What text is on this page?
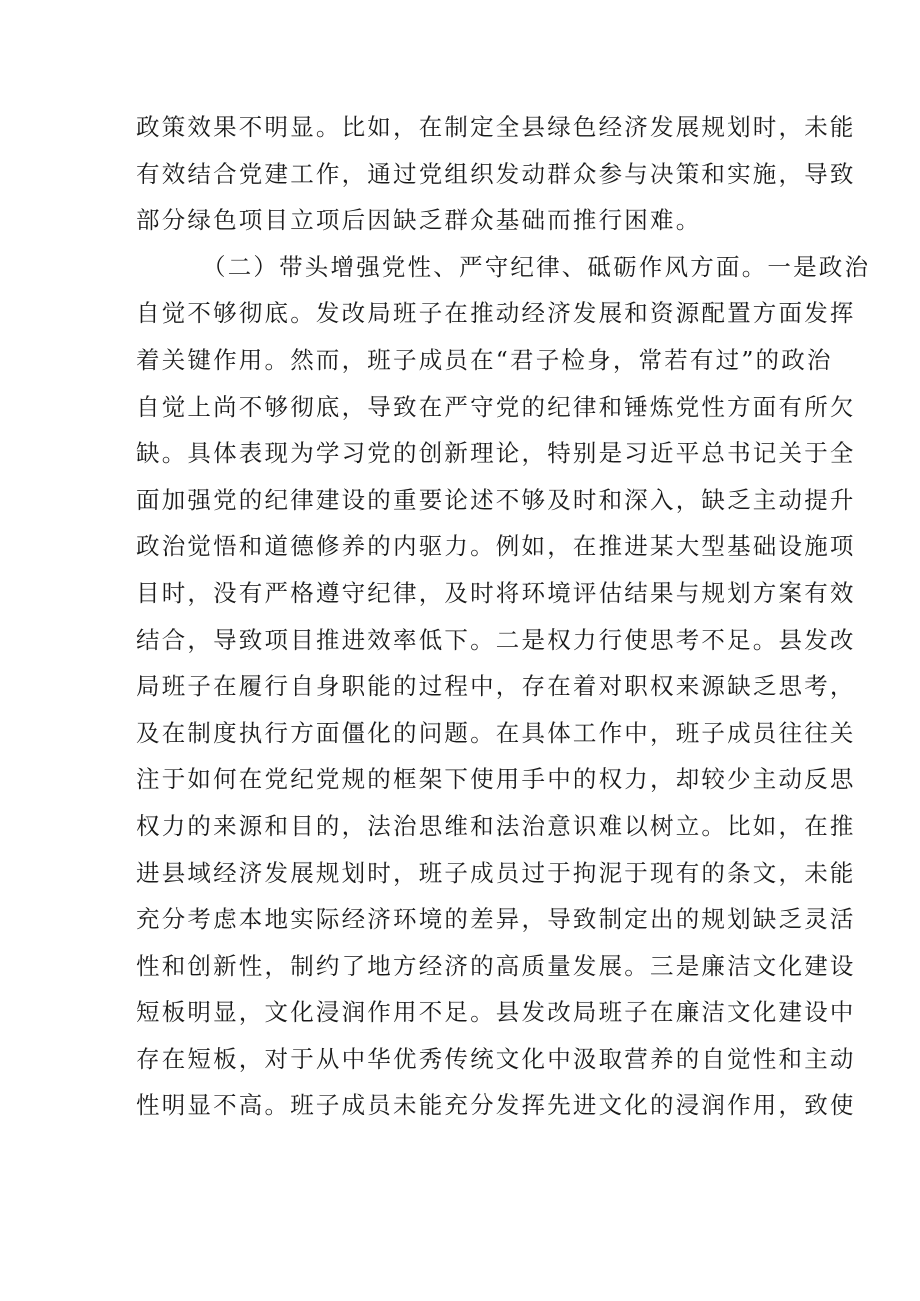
政策效果不明显。比如，在制定全县绿色经济发展规划时，未能
有效结合党建工作，通过党组织发动群众参与决策和实施，导致
部分绿色项目立项后因缺乏群众基础而推行困难。
（二）带头增强党性、严守纪律、砥砺作风方面。一是政治
自觉不够彻底。发改局班子在推动经济发展和资源配置方面发挥
着关键作用。然而，班子成员在“君子检身，常若有过”的政治
自觉上尚不够彻底，导致在严守党的纪律和锤炼党性方面有所欠
缺。具体表现为学习党的创新理论，特别是习近平总书记关于全
面加强党的纪律建设的重要论述不够及时和深入，缺乏主动提升
政治觉悟和道德修养的内驱力。例如，在推进某大型基础设施项
目时，没有严格遵守纪律，及时将环境评估结果与规划方案有效
结合，导致项目推进效率低下。二是权力行使思考不足。县发改
局班子在履行自身职能的过程中，存在着对职权来源缺乏思考，
及在制度执行方面僵化的问题。在具体工作中，班子成员往往关
注于如何在党纪党规的框架下使用手中的权力，却较少主动反思
权力的来源和目的，法治思维和法治意识难以树立。比如，在推
进县域经济发展规划时，班子成员过于拘泥于现有的条文，未能
充分考虑本地实际经济环境的差异，导致制定出的规划缺乏灵活
性和创新性，制约了地方经济的高质量发展。三是廉洁文化建设
短板明显，文化浸润作用不足。县发改局班子在廉洁文化建设中
存在短板，对于从中华优秀传统文化中汲取营养的自觉性和主动
性明显不高。班子成员未能充分发挥先进文化的浸润作用，致使
